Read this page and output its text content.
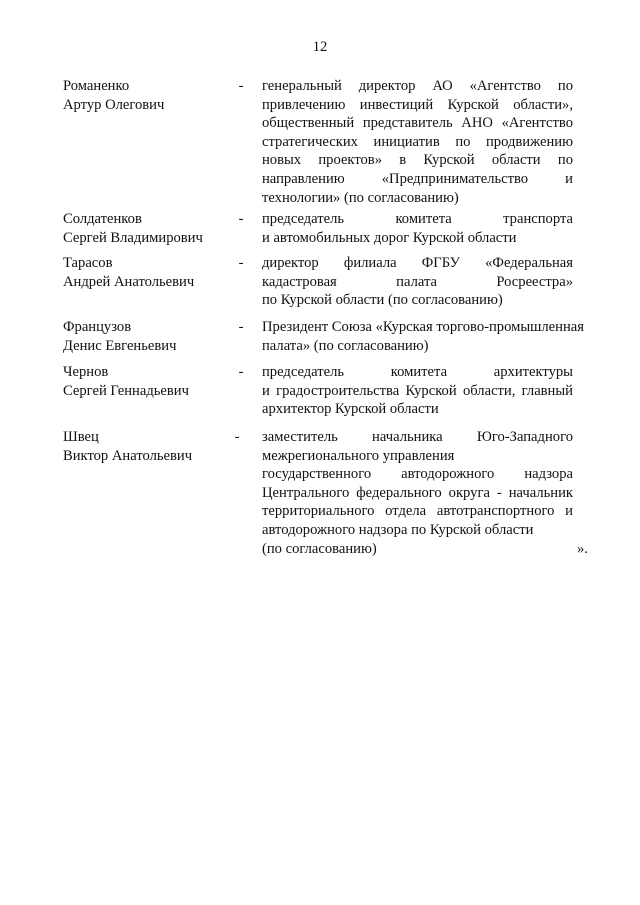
12
Романенко
Артур Олегович
- генеральный директор АО «Агентство по
привлечению инвестиций Курской области»,
общественный представитель АНО «Агентство
стратегических инициатив по продвижению
новых проектов» в Курской области по
направлению «Предпринимательство и
технологии» (по согласованию)
Солдатенков
Сергей Владимирович
- председатель комитета транспорта
и автомобильных дорог Курской области
Тарасов
Андрей Анатольевич
- директор филиала ФГБУ «Федеральная
кадастровая палата Росреестра»
по Курской области (по согласованию)
Французов
Денис Евгеньевич
- Президент Союза «Курская торгово-промышленная
палата» (по согласованию)
Чернов
Сергей Геннадьевич
- председатель комитета архитектуры
и градостроительства Курской области, главный
архитектор Курской области
Швец
Виктор Анатольевич
- заместитель начальника Юго-Западного
межрегионального управления
государственного автодорожного надзора
Центрального федерального округа - начальник
территориального отдела автотранспортного и
автодорожного надзора по Курской области
(по согласованию)	».
